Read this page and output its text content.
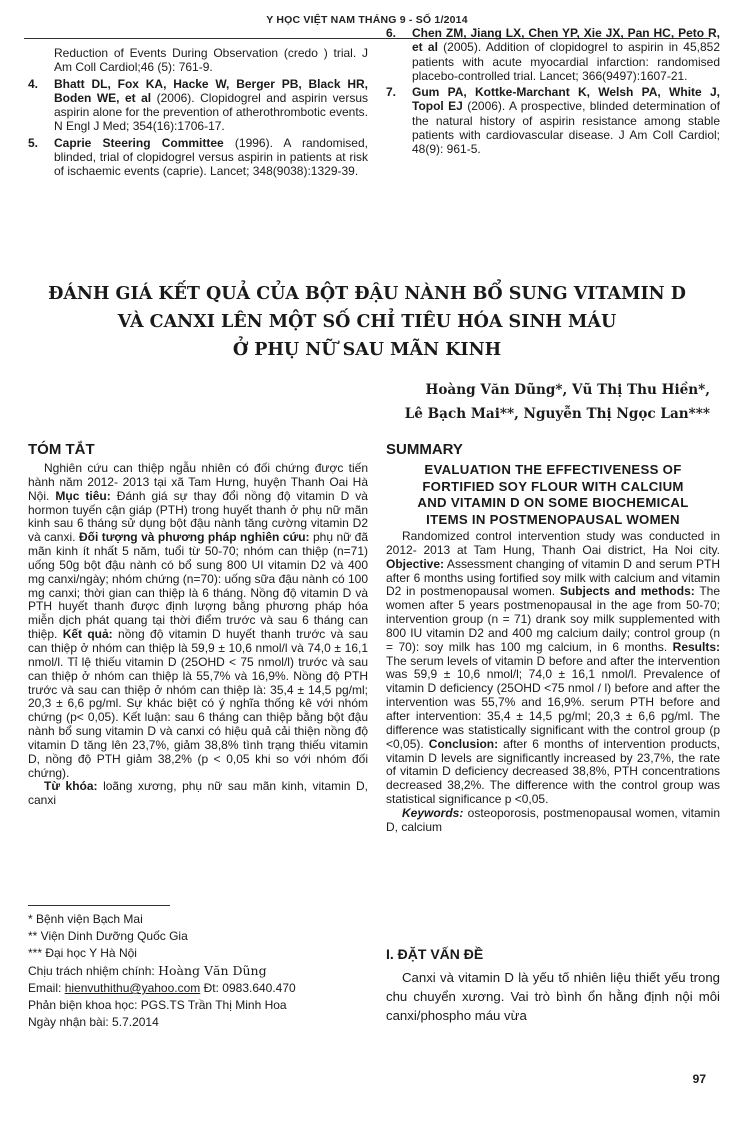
Y HỌC VIỆT NAM THÁNG 9 - SỐ 1/2014
Reduction of Events During Observation (credo ) trial. J Am Coll Cardiol;46 (5): 761-9.
4.	Bhatt DL, Fox KA, Hacke W, Berger PB, Black HR, Boden WE, et al (2006). Clopidogrel and aspirin versus aspirin alone for the prevention of atherothrombotic events. N Engl J Med; 354(16):1706-17.
5.	Caprie Steering Committee (1996). A randomised, blinded, trial of clopidogrel versus aspirin in patients at risk of ischaemic events (caprie). Lancet; 348(9038):1329-39.
6.	Chen ZM, Jiang LX, Chen YP, Xie JX, Pan HC, Peto R, et al (2005). Addition of clopidogrel to aspirin in 45,852 patients with acute myocardial infarction: randomised placebo-controlled trial. Lancet; 366(9497):1607-21.
7.	Gum PA, Kottke-Marchant K, Welsh PA, White J, Topol EJ (2006). A prospective, blinded determination of the natural history of aspirin resistance among stable patients with cardiovascular disease. J Am Coll Cardiol; 48(9): 961-5.
ĐÁNH GIÁ KẾT QUẢ CỦA BỘT ĐẬU NÀNH BỔ SUNG VITAMIN D
VÀ CANXI LÊN MỘT SỐ CHỈ TIÊU HÓA SINH MÁU
Ở PHỤ NỮ SAU MÃN KINH
Hoàng Văn Dũng*, Vũ Thị Thu Hiền*,
Lê Bạch Mai**, Nguyễn Thị Ngọc Lan***
TÓM TẮT

Nghiên cứu can thiệp ngẫu nhiên có đối chứng được tiến hành năm 2012- 2013 tại xã Tam Hưng, huyện Thanh Oai Hà Nội. Mục tiêu: Đánh giá sự thay đổi nồng độ vitamin D và hormon tuyến cận giáp (PTH) trong huyết thanh ở phụ nữ mãn kinh sau 6 tháng sử dụng bột đậu nành tăng cường vitamin D2 và canxi. Đối tượng và phương pháp nghiên cứu: phụ nữ đã mãn kinh ít nhất 5 năm, tuổi từ 50-70; nhóm can thiệp (n=71) uống 50g bột đậu nành có bổ sung 800 UI vitamin D2 và 400 mg canxi/ngày; nhóm chứng (n=70): uống sữa đậu nành có 100 mg canxi; thời gian can thiệp là 6 tháng. Nồng độ vitamin D và PTH huyết thanh được định lượng bằng phương pháp hóa miễn dịch phát quang tại thời điểm trước và sau 6 tháng can thiệp. Kết quả: nồng độ vitamin D huyết thanh trước và sau can thiệp ở nhóm can thiệp là 59,9 ± 10,6 nmol/l và 74,0 ± 16,1 nmol/l. Tỉ lệ thiếu vitamin D (25OHD < 75 nmol/l) trước và sau can thiệp ở nhóm can thiệp là 55,7% và 16,9%. Nồng độ PTH trước và sau can thiệp ở nhóm can thiệp là: 35,4 ± 14,5 pg/ml; 20,3 ± 6,6 pg/ml. Sự khác biệt có ý nghĩa thống kê với nhóm chứng (p< 0,05). Kết luận: sau 6 tháng can thiệp bằng bột đậu nành bổ sung vitamin D và canxi có hiệu quả cải thiện nồng độ vitamin D tăng lên 23,7%, giảm 38,8% tình trạng thiếu vitamin D, nồng độ PTH giảm 38,2% (p < 0,05 khi so với nhóm đối chứng).

Từ khóa: loãng xương, phụ nữ sau mãn kinh, vitamin D, canxi

* Bệnh viện Bạch Mai
** Viện Dinh Dưỡng Quốc Gia
*** Đại học Y Hà Nội
Chịu trách nhiệm chính: Hoàng Văn Dũng
Email: hienvuthithu@yahoo.com Đt: 0983.640.470
Phản biện khoa học: PGS.TS Trần Thị Minh Hoa
Ngày nhận bài: 5.7.2014
SUMMARY
EVALUATION THE EFFECTIVENESS OF
FORTIFIED SOY FLOUR WITH CALCIUM
AND VITAMIN D ON SOME BIOCHEMICAL
ITEMS IN POSTMENOPAUSAL WOMEN

Randomized control intervention study was conducted in 2012- 2013 at Tam Hung, Thanh Oai district, Ha Noi city. Objective: Assessment changing of vitamin D and serum PTH after 6 months using fortified soy milk with calcium and vitamin D2 in postmenopausal women. Subjects and methods: The women after 5 years postmenopausal in the age from 50-70; intervention group (n = 71) drank soy milk supplemented with 800 IU vitamin D2 and 400 mg calcium daily; control group (n = 70): soy milk has 100 mg calcium, in 6 months. Results: The serum levels of vitamin D before and after the intervention was 59,9 ± 10,6 nmol/l; 74,0 ± 16,1 nmol/l. Prevalence of vitamin D deficiency (25OHD <75 nmol / l) before and after the intervention was 55,7% and 16,9%. serum PTH before and after intervention: 35,4 ± 14,5 pg/ml; 20,3 ± 6,6 pg/ml. The difference was statistically significant with the control group (p <0,05). Conclusion: after 6 months of intervention products, vitamin D levels are significantly increased by 23,7%, the rate of vitamin D deficiency decreased 38,8%, PTH concentrations decreased 38,2%. The difference with the control group was statistical significance p <0,05.

Keywords: osteoporosis, postmenopausal women, vitamin D, calcium

I. ĐẶT VẤN ĐỀ

Canxi và vitamin D là yếu tố nhiên liệu thiết yếu trong chu chuyển xương. Vai trò bình ổn hằng định nội môi canxi/phospho máu vừa

97
